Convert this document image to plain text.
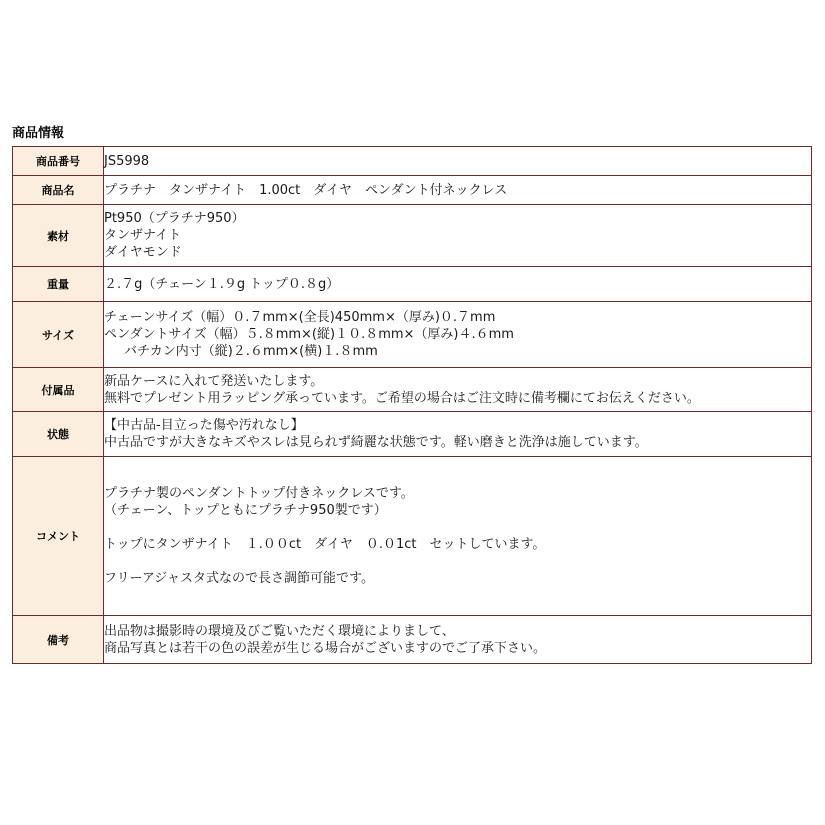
商品情報
商品番号	JS5998

商品名	プラチナ　タンザナイト　1.00ct　ダイヤ　ペンダント付ネックレス

素材	Pt950（プラチナ950）
タンザナイト
ダイヤモンド

重量	２.７g（チェーン１.９g トップ０.８g）

サイズ	チェーンサイズ（幅）０.７mm×(全長)450mm×（厚み)０.７mm
ペンダントサイズ（幅）５.８mm×(縦)１０.８mm×（厚み)４.６mm
バチカン内寸（縦)２.６mm×(横)１.８mm

付属品	新品ケースに入れて発送いたします。
無料でプレゼント用ラッピング承っています。ご希望の場合はご注文時に備考欄にてお伝えください。

状態	【中古品-目立った傷や汚れなし】
中古品ですが大きなキズやスレは見られず綺麗な状態です。軽い磨きと洗浄は施しています。

コメント	プラチナ製のペンダントトップ付きネックレスです。
（チェーン、トップともにプラチナ950製です）
トップにタンザナイト　１.００ct　ダイヤ　０.０1ct　セットしています。
フリーアジャスタ式なので長さ調節可能です。

備考	出品物は撮影時の環境及びご覧いただく環境によりまして、
商品写真とは若干の色の誤差が生じる場合がございますのでご了承下さい。
